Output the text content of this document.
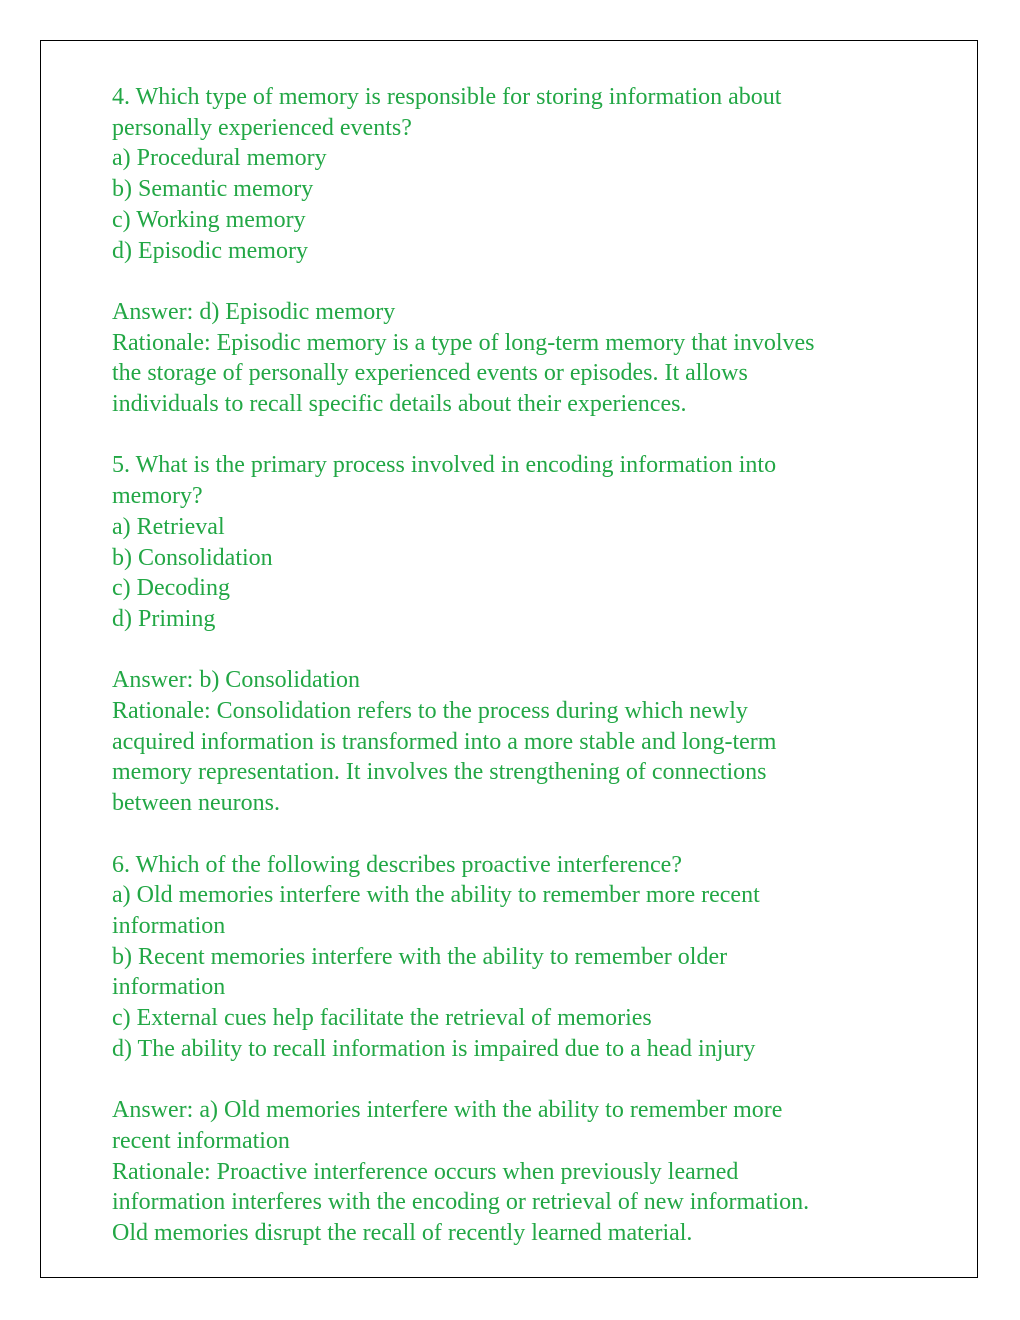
4. Which type of memory is responsible for storing information about
personally experienced events?
a) Procedural memory
b) Semantic memory
c) Working memory
d) Episodic memory
Answer: d) Episodic memory
Rationale: Episodic memory is a type of long-term memory that involves
the storage of personally experienced events or episodes. It allows
individuals to recall specific details about their experiences.
5. What is the primary process involved in encoding information into
memory?
a) Retrieval
b) Consolidation
c) Decoding
d) Priming
Answer: b) Consolidation
Rationale: Consolidation refers to the process during which newly
acquired information is transformed into a more stable and long-term
memory representation. It involves the strengthening of connections
between neurons.
6. Which of the following describes proactive interference?
a) Old memories interfere with the ability to remember more recent
information
b) Recent memories interfere with the ability to remember older
information
c) External cues help facilitate the retrieval of memories
d) The ability to recall information is impaired due to a head injury
Answer: a) Old memories interfere with the ability to remember more
recent information
Rationale: Proactive interference occurs when previously learned
information interferes with the encoding or retrieval of new information.
Old memories disrupt the recall of recently learned material.
